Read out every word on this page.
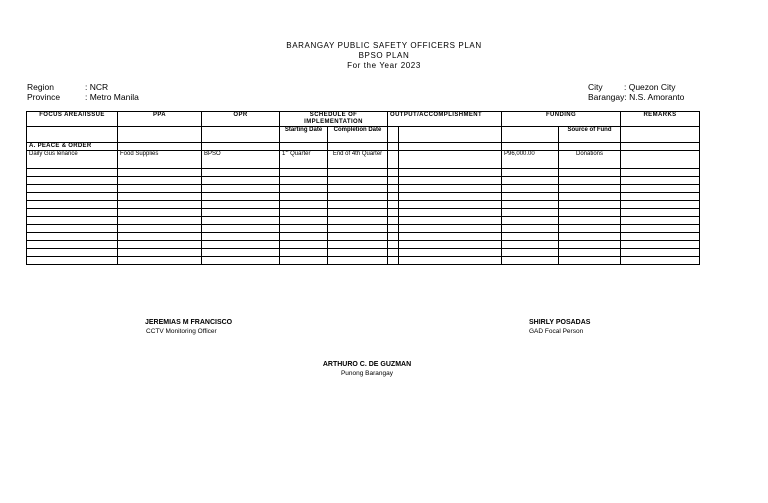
BARANGAY PUBLIC SAFETY OFFICERS PLAN
BPSO PLAN
For the Year 2023
Region	: NCR
Province	: Metro Manila
City	: Quezon City
Barangay: N.S. Amoranto
FOCUS AREA/ISSUE	PPA	OPR	SCHEDULE OF IMPLEMENTATION		OUTPUT/ACCOMPLISHMENT		FUNDING		REMARKS
			Starting Date	Completion Date				Source of Fund	
A. PEACE & ORDER									
Daily Gus lenance	Food Supplies	BPSO	1st Quarter	End of 4th Quarter			P96,000.00	Donations	

JEREMIAS M FRANCISCO
CCTV Monitoring Officer
SHIRLY POSADAS
GAD Focal Person
ARTHURO C. DE GUZMAN
Punong Barangay
